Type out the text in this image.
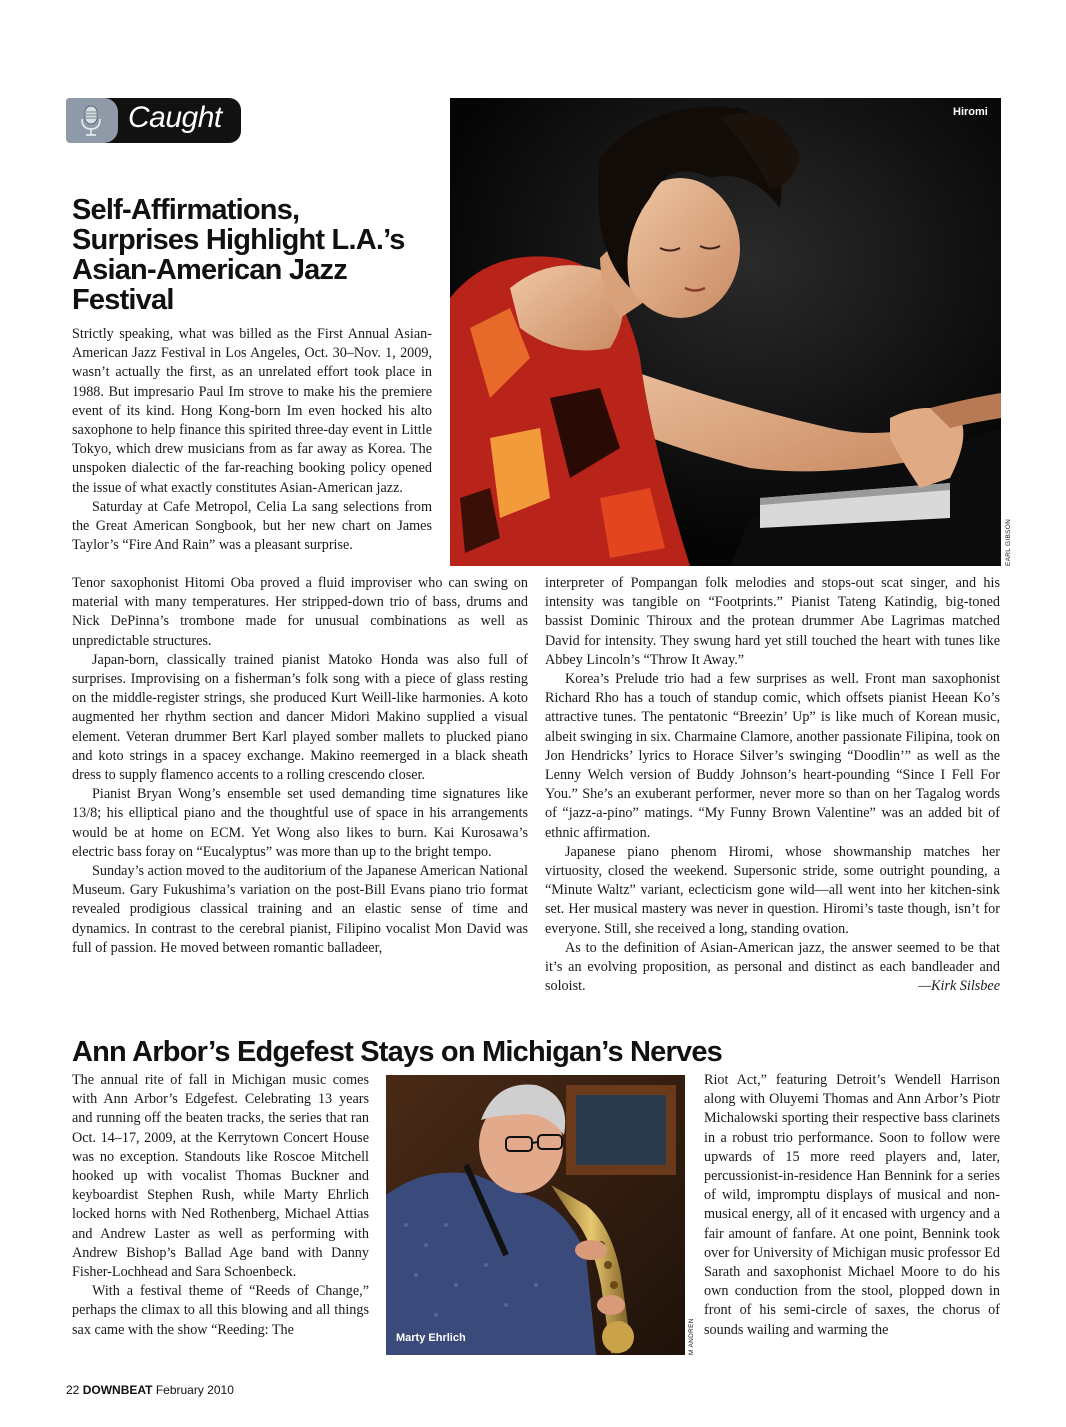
Caught
Self-Affirmations, Surprises Highlight L.A.’s Asian-American Jazz Festival
Hiromi
EARL GIBSON

Strictly speaking, what was billed as the First Annual Asian-American Jazz Festival in Los Angeles, Oct. 30–Nov. 1, 2009, wasn’t actually the first, as an unrelated effort took place in 1988. But impresario Paul Im strove to make his the premiere event of its kind. Hong Kong-born Im even hocked his alto saxophone to help finance this spirited three-day event in Little Tokyo, which drew musicians from as far away as Korea. The unspoken dialectic of the far-reaching booking policy opened the issue of what exactly constitutes Asian-American jazz.

Saturday at Cafe Metropol, Celia La sang selections from the Great American Songbook, but her new chart on James Taylor’s “Fire And Rain” was a pleasant surprise.

Tenor saxophonist Hitomi Oba proved a fluid improviser who can swing on material with many temperatures. Her stripped-down trio of bass, drums and Nick DePinna’s trombone made for unusual combinations as well as unpredictable structures.

Japan-born, classically trained pianist Matoko Honda was also full of surprises. Improvising on a fisherman’s folk song with a piece of glass resting on the middle-register strings, she produced Kurt Weill-like harmonies. A koto augmented her rhythm section and dancer Midori Makino supplied a visual element. Veteran drummer Bert Karl played somber mallets to plucked piano and koto strings in a spacey exchange. Makino reemerged in a black sheath dress to supply flamenco accents to a rolling crescendo closer.

Pianist Bryan Wong’s ensemble set used demanding time signatures like 13/8; his elliptical piano and the thoughtful use of space in his arrangements would be at home on ECM. Yet Wong also likes to burn. Kai Kurosawa’s electric bass foray on “Eucalyptus” was more than up to the bright tempo.

Sunday’s action moved to the auditorium of the Japanese American National Museum. Gary Fukushima’s variation on the post-Bill Evans piano trio format revealed prodigious classical training and an elastic sense of time and dynamics. In contrast to the cerebral pianist, Filipino vocalist Mon David was full of passion. He moved between romantic balladeer,

interpreter of Pompangan folk melodies and stops-out scat singer, and his intensity was tangible on “Footprints.” Pianist Tateng Katindig, big-toned bassist Dominic Thiroux and the protean drummer Abe Lagrimas matched David for intensity. They swung hard yet still touched the heart with tunes like Abbey Lincoln’s “Throw It Away.”

Korea’s Prelude trio had a few surprises as well. Front man saxophonist Richard Rho has a touch of standup comic, which offsets pianist Heean Ko’s attractive tunes. The pentatonic “Breezin’ Up” is like much of Korean music, albeit swinging in six. Charmaine Clamore, another passionate Filipina, took on Jon Hendricks’ lyrics to Horace Silver’s swinging “Doodlin’” as well as the Lenny Welch version of Buddy Johnson’s heart-pounding “Since I Fell For You.” She’s an exuberant performer, never more so than on her Tagalog words of “jazz-a-pino” matings. “My Funny Brown Valentine” was an added bit of ethnic affirmation.

Japanese piano phenom Hiromi, whose showmanship matches her virtuosity, closed the weekend. Supersonic stride, some outright pounding, a “Minute Waltz” variant, eclecticism gone wild—all went into her kitchen-sink set. Her musical mastery was never in question. Hiromi’s taste though, isn’t for everyone. Still, she received a long, standing ovation.

As to the definition of Asian-American jazz, the answer seemed to be that it’s an evolving proposition, as personal and distinct as each bandleader and soloist.	—Kirk Silsbee

Ann Arbor’s Edgefest Stays on Michigan’s Nerves

The annual rite of fall in Michigan music comes with Ann Arbor’s Edgefest. Celebrating 13 years and running off the beaten tracks, the series that ran Oct. 14–17, 2009, at the Kerrytown Concert House was no exception. Standouts like Roscoe Mitchell hooked up with vocalist Thomas Buckner and keyboardist Stephen Rush, while Marty Ehrlich locked horns with Ned Rothenberg, Michael Attias and Andrew Laster as well as performing with Andrew Bishop’s Ballad Age band with Danny Fisher-Lochhead and Sara Schoenbeck.

With a festival theme of “Reeds of Change,” perhaps the climax to all this blowing and all things sax came with the show “Reeding: The

Marty Ehrlich	M ANDREN

Riot Act,” featuring Detroit’s Wendell Harrison along with Oluyemi Thomas and Ann Arbor’s Piotr Michalowski sporting their respective bass clarinets in a robust trio performance. Soon to follow were upwards of 15 more reed players and, later, percussionist-in-residence Han Bennink for a series of wild, impromptu displays of musical and non-musical energy, all of it encased with urgency and a fair amount of fanfare. At one point, Bennink took over for University of Michigan music professor Ed Sarath and saxophonist Michael Moore to do his own conduction from the stool, plopped down in front of his semi-circle of saxes, the chorus of sounds wailing and warming the

22 DOWNBEAT February 2010
